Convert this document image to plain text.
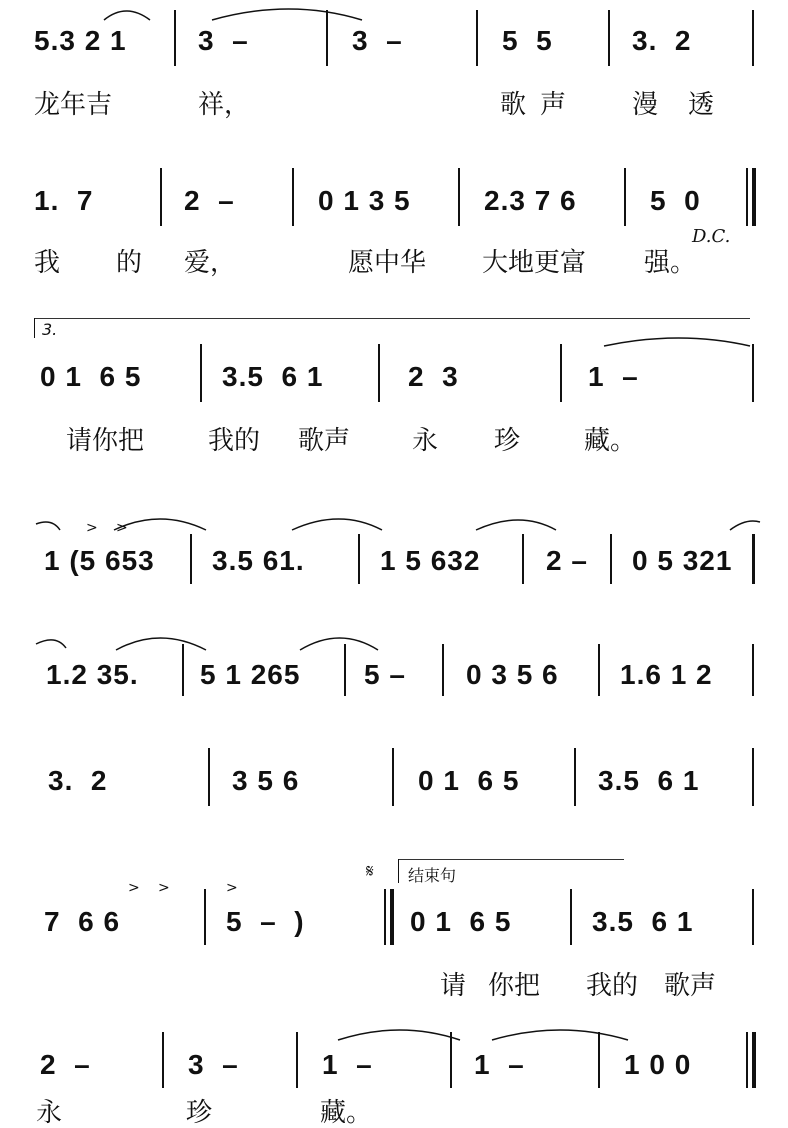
5.3 2 1	3  –	3  –	5  5	3.  2
龙年吉	祥，	歌声 漫透
1.  7	2  –	0 1 3 5	2.3 7 6	5  0
D.C.
我 的 爱，	愿中华 大地更富 强。
3.
0 1  6 5	3.5  6 1	2  3	1  –
请你把 我的 歌声 永 珍 藏。
1 (5 653 3.5 61.	1 5 632 2 – 0 5 321
1.2 35. 5 1 265 5 – 0 3 5 6 1.6 1 2
3.  2	3 5 6	0 1  6 5	3.5  6 1
𝄋 结束句
7  6 6	5  –  )	0 1  6 5	3.5  6 1
请 你把 我的 歌声
2  –	3  –	1  –	1  –	1 0 0
永	珍	藏。
> >
> >	>
